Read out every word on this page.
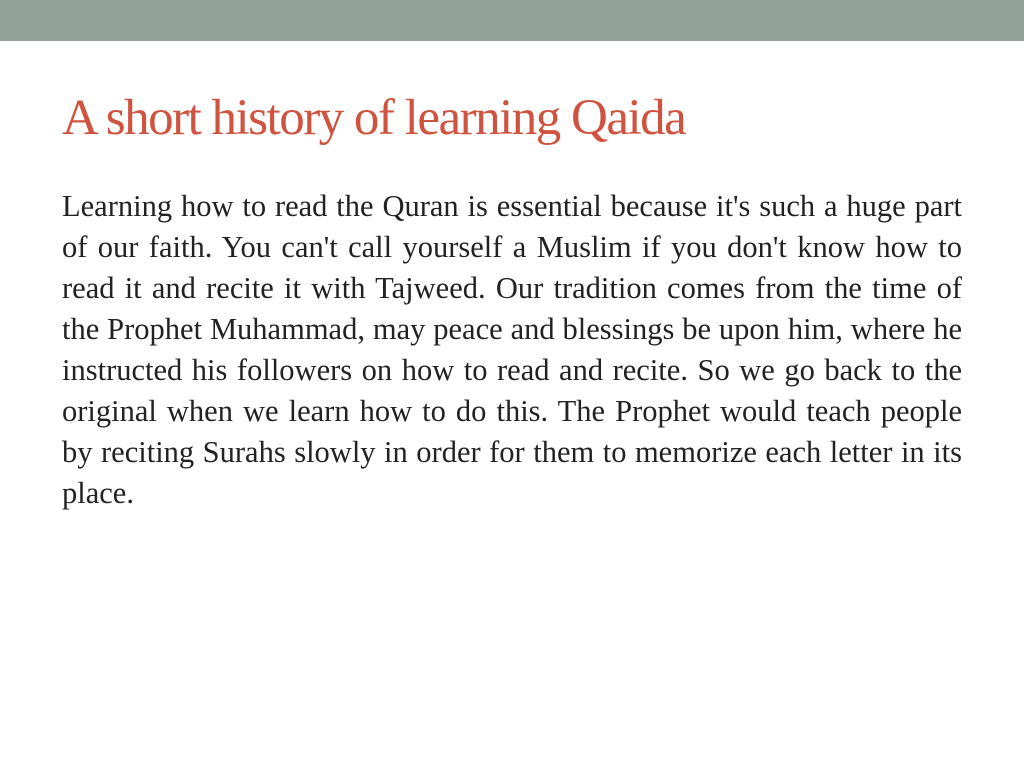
A short history of learning Qaida

Learning how to read the Quran is essential because it's such a huge part of our faith. You can't call yourself a Muslim if you don't know how to read it and recite it with Tajweed. Our tradition comes from the time of the Prophet Muhammad, may peace and blessings be upon him, where he instructed his followers on how to read and recite. So we go back to the original when we learn how to do this. The Prophet would teach people by reciting Surahs slowly in order for them to memorize each letter in its place.
